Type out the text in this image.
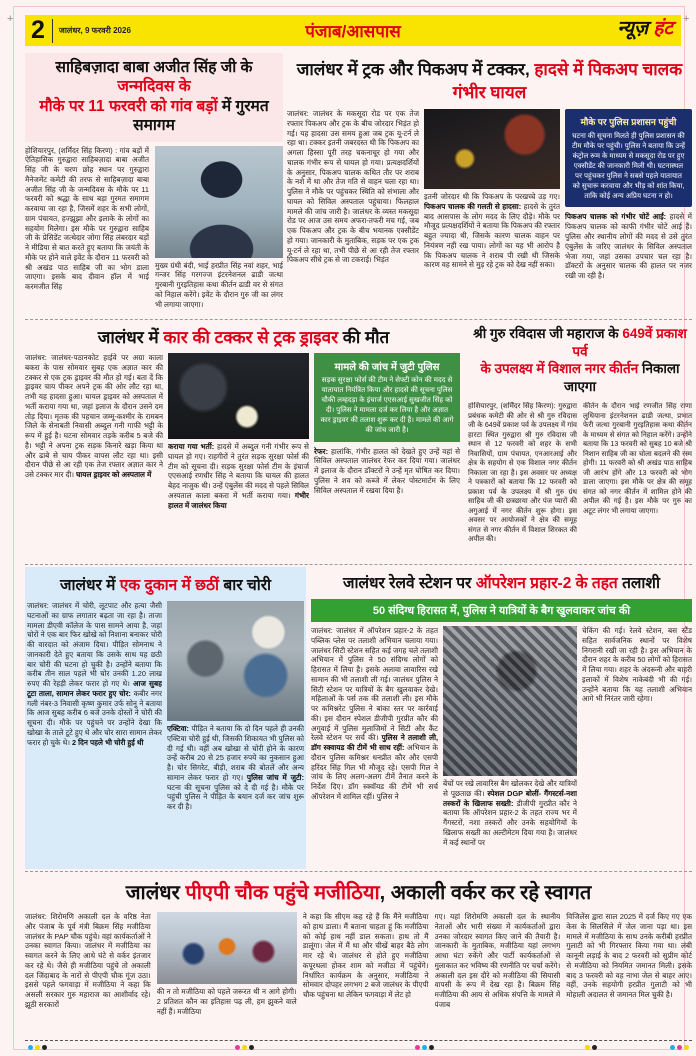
+	+
2	जालंधर, 9 फरवरी 2026	पंजाब/आसपास	न्यूज़ हंट
साहिबज़ादा बाबा अजीत सिंह जी के जन्मदिवस के
मौके पर 11 फरवरी को गांव बड़ों में गुरमत समागम
होशियारपुर, (शर्मिंदर सिंह किरण) : गांव बड़ों में ऐतिहासिक गुरुद्वारा साहिबज़ादा बाबा अजीत सिंह जी के चरण छोह स्थान पर गुरुद्वारा मैनेजमेंट कमेटी की तरफ से साहिबज़ादा बाबा अजीत सिंह जी के जन्मदिवस के मौके पर 11 फरवरी को श्रद्धा के साथ बड़ा गुरमत समागम करवाया जा रहा है, जिसमें शहर के सभी लोगों, ग्राम पंचायत, हज्झूझा और इलाके के लोगों का सहयोग मिलेगा। इस मौके पर गुरुद्वारा साहिब जी के प्रेसिडेंट जत्थेदार जोगा सिंह लंबरदार बड़ों ने मीडिया से बात करते हुए बताया कि जयंती के मौके पर होने वाले इवेंट के दौरान 11 फरवरी को श्री अखंड पाठ साहिब जी का भोग डाला जाएगा। इसके बाद दीवान हॉल में भाई करमजीत सिंह
मुख्य ग्रंथी बंदी, भाई हरप्रीत सिंह नवां शहर, भाई गन्जर सिंह गरगज्ज इंटरनेशनल ढाडी जत्था गुरबानी गुरइतिहास कथा कीर्तन ढाडी वर से संगत को निहाल करेंगे। इवेंट के दौरान गुरु जी का लंगर भी लगाया जाएगा।
जालंधर में ट्रक और पिकअप में टक्कर, हादसे में पिकअप चालक गंभीर घायल
जालंधर: जालंधर के मकसूदा रोड पर एक तेज रफ्तार पिकअप और ट्रक के बीच जोरदार भिड़ंत हो गई। यह हादसा उस समय हुआ जब ट्रक यू-टर्न ले रहा था। टक्कर इतनी जबरदस्त थी कि पिकअप का अगला हिस्सा पूरी तरह चकनाचूर हो गया और चालक गंभीर रूप से घायल हो गया। प्रत्यक्षदर्शियों के अनुसार, पिकअप चालक कथित तौर पर शराब के नशे में था और तेज गति से वाहन चला रहा था। पुलिस ने मौके पर पहुंचकर स्थिति को संभाला और घायल को सिविल अस्पताल पहुंचाया। फिलहाल मामले की जांच जारी है। जालंधर के व्यस्त मकसूदा रोड पर आज उस समय अफरा-तफरी मच गई, जब एक पिकअप और ट्रक के बीच भयानक एक्सीडेंट हो गया। जानकारी के मुताबिक, सड़क पर एक ट्रक यू-टर्न ले रहा था, तभी पीछे से आ रही तेज रफ्तार पिकअप सीधे ट्रक से जा टकराई। भिड़ंत
इतनी जोरदार थी कि पिकअप के परखच्चे उड़ गए। पिकअप चालक की गलती से हादसा: हादसे के तुरंत बाद आसपास के लोग मदद के लिए दौड़े। मौके पर मौजूद प्रत्यक्षदर्शियों ने बताया कि पिकअप की रफ्तार बहुत ज्यादा थी, जिसके कारण चालक वाहन पर नियंत्रण नहीं रख पाया। लोगों का यह भी आरोप है कि पिकअप चालक ने शराब पी रखी थी जिसके कारण वह सामने से मुड़ रहे ट्रक को देख नहीं सका।
मौके पर पुलिस प्रशासन पहुंची
घटना की सूचना मिलते ही पुलिस प्रशासन की टीम मौके पर पहुंची। पुलिस ने बताया कि उन्हें कंट्रोल रूम के माध्यम से मकसूदा रोड पर हुए एक्सीडेंट की जानकारी मिली थी। घटनास्थल पर पहुंचकर पुलिस ने सबसे पहले यातायात को सुचारू करवाया और भीड़ को शांत किया, ताकि कोई अन्य अप्रिय घटना न हो।
पिकअप चालक को गंभीर चोटें आईं: हादसे में पिकअप चालक को काफी गंभीर चोटें आई हैं। पुलिस और स्थानीय लोगों की मदद से उसे तुरंत एंबुलेंस के जरिए जालंधर के सिविल अस्पताल भेजा गया, जहां उसका उपचार चल रहा है। डॉक्टरों के अनुसार चालक की हालत पर नजर रखी जा रही है।
जालंधर में कार की टक्कर से ट्रक ड्राइवर की मौत
जालंधर: जालंधर-पठानकोट हाईवे पर अग्रा काला बकरा के पास सोमवार सुबह एक अज्ञात कार की टक्कर से एक ट्रक ड्राइवर की मौत हो गई। बता दें कि ड्राइवर चाय पीकर अपने ट्रक की ओर लौट रहा था, तभी यह हादसा हुआ। घायल ड्राइवर को अस्पताल में भर्ती कराया गया था, जहां इलाज के दौरान उसने दम तोड़ दिया। मृतक की पहचान जम्मू-कश्मीर के रामबन जिले के सेनाबती निवासी अब्दुल गनी गाफी भट्टी के रूप में हुई है। घटना सोमवार तड़के करीब 5 बजे की है। भट्टी ने अपना ट्रक सड़क किनारे खड़ा किया था और ढाबे से चाय पीकर वापस लौट रहा था। इसी दौरान पीछे से आ रही एक तेज रफ्तार अज्ञात कार ने उसे टक्कर मार दी। घायल ड्राइवर को अस्पताल में
कराया गया भर्ती: हादसे में अब्दुल गनी गंभीर रूप से घायल हो गए। राहगीरों ने तुरंत सड़क सुरक्षा फोर्स की टीम को सूचना दी। सड़क सुरक्षा फोर्स टीम के इंचार्ज एएसआई रणधीर सिंह ने बताया कि घायल की हालत बेहद नाजुक थी। उन्हें एंबुलेंस की मदद से पहले सिविल अस्पताल काला बकरा में भर्ती कराया गया। गंभीर हालत में जालंधर किया
मामले की जांच में जुटी पुलिस
सड़क सुरक्षा फोर्स की टीम ने सेफ्टी कोन की मदद से यातायात नियंत्रित किया और हादसे की सूचना पुलिस चौकी लम्हदड़ा के इंचार्ज एएसआई सुखजीत सिंह को दी। पुलिस ने मामला दर्ज कर लिया है और अज्ञात कार ड्राइवर की तलाश शुरू कर दी है। मामले की आगे की जांच जारी है।
रेफर: हालांकि, गंभीर हालत को देखते हुए उन्हें वहां से सिविल अस्पताल जालंधर रेफर कर दिया गया। जालंधर में इलाज के दौरान डॉक्टरों ने उन्हें मृत घोषित कर दिया। पुलिस ने शव को कब्जे में लेकर पोस्टमार्टम के लिए सिविल अस्पताल में रखवा दिया है।
श्री गुरु रविदास जी महाराज के 649वें प्रकाश पर्व
के उपलक्ष्य में विशाल नगर कीर्तन निकाला जाएगा
होशियारपुर, (शर्मिंदर सिंह किरण): गुरुद्वारा प्रबंधक कमेटी की ओर से श्री गुरु रविदास जी के 649वें प्रकाश पर्व के उपलक्ष्य में गांव हारटा स्थित गुरुद्वारा श्री गुरु रविदास जी स्थान से 12 फरवरी को शहर के सभी निवासियों, ग्राम पंचायत, एनआरआई और क्षेत्र के सहयोग से एक विशाल नगर कीर्तन निकाला जा रहा है। इस अवसर पर अध्यक्ष ने पत्रकारों को बताया कि 12 फरवरी को प्रकाश पर्व के उपलक्ष्य में श्री गुरु ग्रंथ साहिब जी की छत्रछाया और पंज प्यारों की अगुआई में नगर कीर्तन शुरू होगा। इस अवसर पर आयोजकों ने क्षेत्र की समूह संगत से नगर कीर्तन में विशाल शिरकत की अपील की।
कीर्तन के दौरान भाई रणजीत सिंह राणा लुधियाना इंटरनेशनल ढाडी जत्था, प्रभात फेरी जत्था गुरबानी गुरइतिहास कथा कीर्तन के माध्यम से संगत को निहाल करेंगे। उन्होंने बताया कि 13 फरवरी को सुबह 10 बजे श्री निशान साहिब जी का चोला बदलने की रस्म होगी। 11 फरवरी को श्री अखंड पाठ साहिब जी आरंभ होंगे और 13 फरवरी को भोग डाला जाएगा। इस मौके पर क्षेत्र की समूह संगत को नगर कीर्तन में शामिल होने की अपील की गई है। इस मौके पर गुरु का अटूट लंगर भी लगाया जाएगा।
जालंधर में एक दुकान में छठीं बार चोरी
जालंधर: जालंधर में चोरी, लूटपाट और हत्या जैसी घटनाओं का ग्राफ लगातार बढ़ता जा रहा है। ताजा मामला डीएवी कॉलेज के पास सामने आया है, जहां चोरों ने एक बार फिर खोखे को निशाना बनाकर चोरी की वारदात को अंजाम दिया। पीड़ित सोमनाथ ने जानकारी देते हुए बताया कि उसके साथ यह छठी बार चोरी की घटना हो चुकी है। उन्होंने बताया कि करीब तीन साल पहले भी चोर उनकी 1.20 लाख रुपए की रेहड़ी लेकर फरार हो गए थे। आज सुबह टूटा ताला, सामान लेकर फरार हुए चोर: कबीर नगर गली नंबर-3 निवासी कृष्ण कुमार उर्फ सोनू ने बताया कि आज सुबह करीब 6 बजे उनके दोस्तों ने चोरी की सूचना दी। मौके पर पहुंचने पर उन्होंने देखा कि खोखा के ताले टूटे हुए थे और चोर सारा सामान लेकर फरार हो चुके थे। 2 दिन पहले भी चोरी हुई थी
एक्टिवा: पीड़ित ने बताया कि दो दिन पहले ही उनकी एक्टिवा चोरी हुई थी, जिसकी शिकायत भी पुलिस को दी गई थी। वहीं अब खोखा से चोरी होने के कारण उन्हें करीब 20 से 25 हजार रुपये का नुकसान हुआ है। चोर सिगरेट, बीड़ी, शराब की बोतलें और अन्य सामान लेकर फरार हो गए। पुलिस जांच में जुटी: घटना की सूचना पुलिस को दे दी गई है। मौके पर पहुंची पुलिस ने पीड़ित के बयान दर्ज कर जांच शुरू कर दी है।
जालंधर रेलवे स्टेशन पर ऑपरेशन प्रहार-2 के तहत तलाशी
50 संदिग्ध हिरासत में, पुलिस ने यात्रियों के बैग खुलवाकर जांच की
जालंधर: जालंधर में ऑपरेशन प्रहार-2 के तहत पब्लिक प्लेस पर तलाशी अभियान चलाया गया। जालंधर सिटी स्टेशन सहित कई जगह चले तलाशी अभियान में पुलिस ने 50 संदिग्ध लोगों को हिरासत में लिया है। इसके अलावा लावारिस रखे सामान की भी तलाशी ली गई। जालंधर पुलिस ने सिटी स्टेशन पर यात्रियों के बैग खुलवाकर देखे। महिलाओं के पर्स तक की तलाशी ली। इस मौके पर कमिश्नरेट पुलिस ने बांका स्तर पर कार्रवाई की। इस दौरान स्पेशल डीजीपी गुरप्रीत कौर की अगुवाई में पुलिस मुलाजिमों ने सिटी और कैंट रेलवे स्टेशन पर सर्च की। पुलिस ने तलाशी ली, डॉग स्क्वायड की टीमें भी साथ रहीं: अभियान के दौरान पुलिस कमिश्नर धनप्रीत कौर और एसपी हरिंदर सिंह गिल भी मौजूद रहे। एसपी गिल ने जांच के लिए अलग-अलग टीमें तैनात करने के निर्देश दिए। डॉग स्क्वॉयड की टीमें भी सर्च ऑपरेशन में शामिल रहीं। पुलिस ने
बेंचों पर रखे लावारिस बैग खोलकर देखे और यात्रियों से पूछताछ की। स्पेशल DGP बोलीं- गैंगस्टर्स-नशा तस्करों के खिलाफ सख्ती: डीजीपी गुरप्रीत कौर ने बताया कि ऑपरेशन प्रहार-2 के तहत राज्य भर में गैंगस्टरों, नशा तस्करों और उनके सहयोगियों के खिलाफ सख्ती का अल्टीमेटम दिया गया है। जालंधर में कई स्थानों पर
चेकिंग की गई। रेलवे स्टेशन, बस स्टैंड सहित सार्वजनिक स्थानों पर विशेष निगरानी रखी जा रही है। इस अभियान के दौरान शहर के करीब 50 लोगों को हिरासत में लिया गया। शहर के अंदरूनी और बाहरी इलाकों में विशेष नाकेबंदी भी की गई। उन्होंने बताया कि यह तलाशी अभियान आगे भी निरंतर जारी रहेगा।
जालंधर पीएपी चौक पहुंचे मजीठिया, अकाली वर्कर कर रहे स्वागत
जालंधर: शिरोमणि अकाली दल के वरिष्ठ नेता और पंजाब के पूर्व मंत्री बिक्रम सिंह मजीठिया जालंधर के PAP चौक पहुंचे। वहां कार्यकर्ताओं ने उनका स्वागत किया। जालंधर में मजीठिया का स्वागत करने के लिए आधे घंटे से वर्कर इंतजार कर रहे थे। जैसे ही मजीठिया पहुंचे तो अकाली दल जिंदाबाद के नारों से पीएपी चौक गूंज उठा। इससे पहले फगवाड़ा में मजीठिया ने कहा कि असली सरकार गुरु महाराज का आशीर्वाद रहे। झूठी सरकारों
की न तो मजीठिया को पहले जरूरत थी न आगे होगी। 2 प्रतिशत कौन का इतिहास पढ़ ली, हम झुकने वाले नहीं हैं। मजीठिया
ने कहा कि सीएम कह रहे हैं कि मैंने मजीठिया को हाथ डाला। मैं बताना चाहता हूं कि मजीठिया को कोई हाथ नहीं डाल सकता। हाथ तो मैं डालूंगा। जेल में मैं था और चीखें बाहर बैठे लोग मार रहे थे। जालंधर से होते हुए मजीठिया कपूरथला होकर शाम को मजीठा में पहुंचेंगे। निर्धारित कार्यक्रम के अनुसार, मजीठिया ने सोमवार दोपहर लगभग 2 बजे जालंधर के पीएपी चौक पहुंचना था लेकिन फगवाड़ा में लेट हो
गए। यहां शिरोमणि अकाली दल के स्थानीय नेताओं और भारी संख्या में कार्यकर्ताओं द्वारा उनका जोरदार स्वागत किए जाने की तैयारी है। जानकारी के मुताबिक, मजीठिया यहां लगभग आधा घंटा रुकेंगे और पार्टी कार्यकर्ताओं से मुलाकात कर भविष्य की रणनीति पर चर्चा करेंगे। अकाली दल इस दौरे को मजीठिया की सियासी वापसी के रूप में देख रहा है। बिक्रम सिंह मजीठिया की आय से अधिक संपत्ति के मामले में पंजाब
विजिलेंस द्वारा साल 2025 में दर्ज किए गए एक केस के सिलसिले में जेल जाना पड़ा था। इस मामले में मजीठिया के साथ उनके करीबी हरप्रीत गुलाटी को भी गिरफ्तार किया गया था। लंबी कानूनी लड़ाई के बाद 2 फरवरी को सुप्रीम कोर्ट से मजीठिया को नियमित जमानत मिली। इसके बाद 3 फरवरी को वह नाभा जेल से बाहर आए। वहीं, उनके सहयोगी हरप्रीत गुलाटी को भी मोहाली अदालत से जमानत मिल चुकी है।
